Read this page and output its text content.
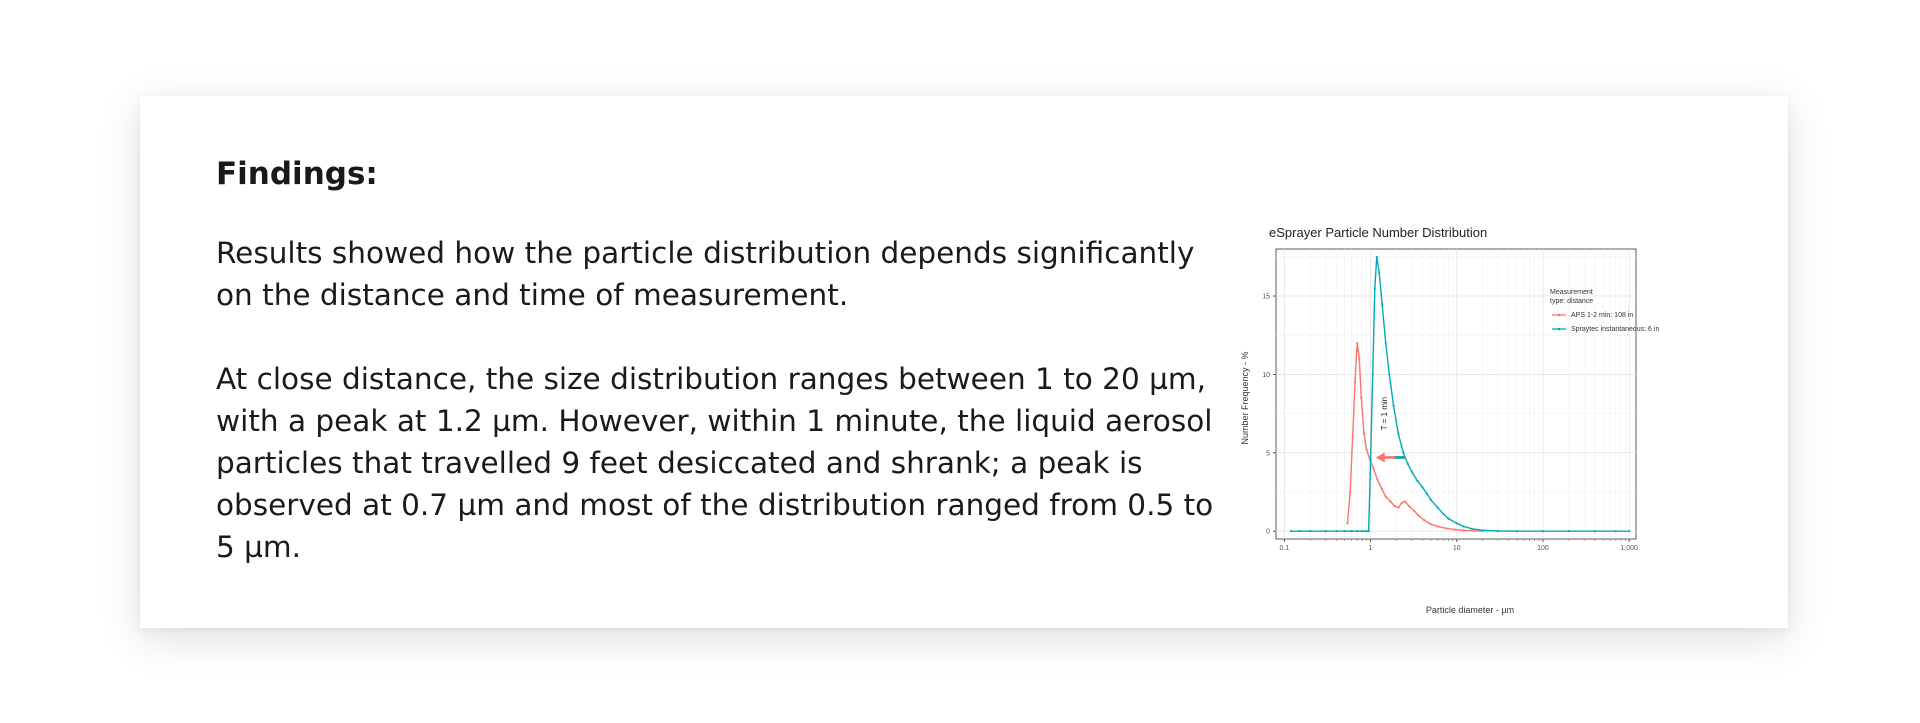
Findings:

Results showed how the particle distribution depends significantly on the distance and time of measurement.

At close distance, the size distribution ranges between 1 to 20 µm, with a peak at 1.2 µm. However, within 1 minute, the liquid aerosol particles that travelled 9 feet desiccated and shrank; a peak is observed at 0.7 µm and most of the distribution ranged from 0.5 to 5 µm.

eSprayer Particle Number Distribution
0.1	1	10	100	1,000
0
5
10
15
T = 1 min
Measurement
type: distance
APS 1-2 min: 108 in
Spraytec instantaneous: 6 in
Particle diameter - µm
Number Frequency - %
